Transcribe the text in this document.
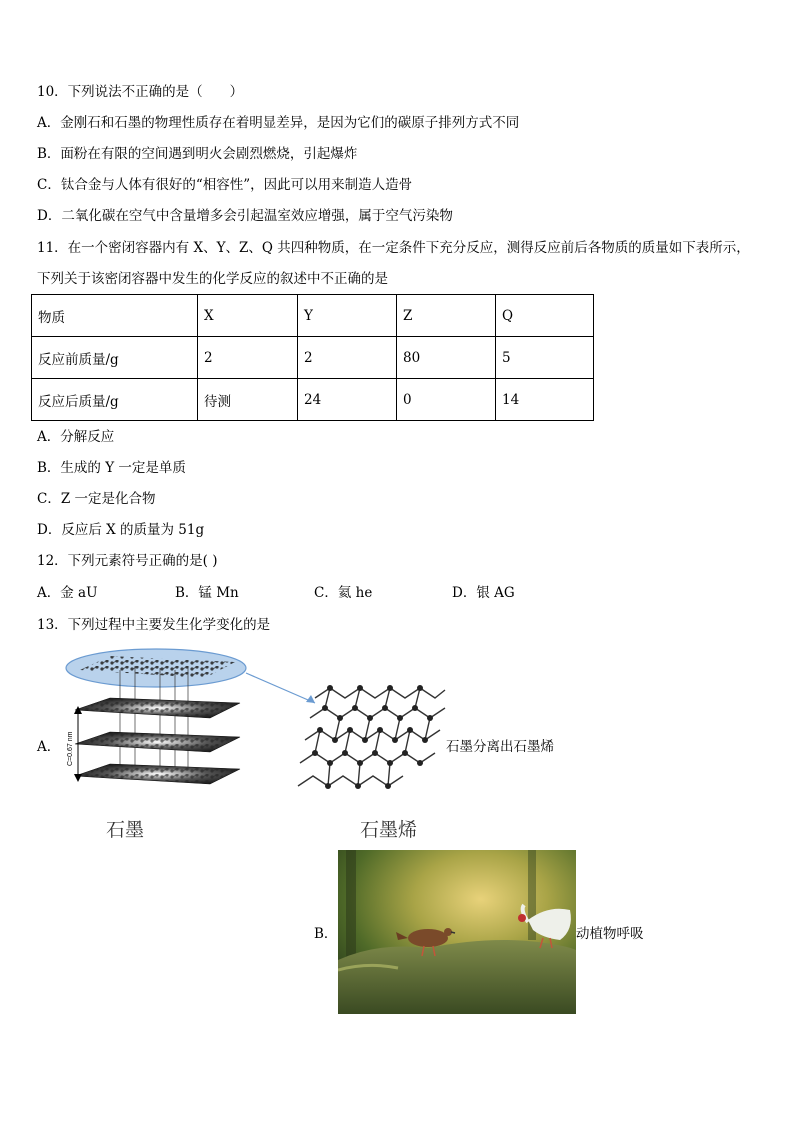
10．下列说法不正确的是（　　）
A．金刚石和石墨的物理性质存在着明显差异，是因为它们的碳原子排列方式不同
B．面粉在有限的空间遇到明火会剧烈燃烧，引起爆炸
C．钛合金与人体有很好的“相容性”，因此可以用来制造人造骨
D．二氧化碳在空气中含量增多会引起温室效应增强，属于空气污染物
11．在一个密闭容器内有 X、Y、Z、Q 共四种物质，在一定条件下充分反应，测得反应前后各物质的质量如下表所示，
下列关于该密闭容器中发生的化学反应的叙述中不正确的是
物质	X	Y	Z	Q
反应前质量/g	2	2	80	5
反应后质量/g	待测	24	0	14
A．分解反应
B．生成的 Y 一定是单质
C．Z 一定是化合物
D．反应后 X 的质量为 51g
12．下列元素符号正确的是( )
A．金 aU	B．锰 Mn	C．氦 he	D．银 AG
13．下列过程中主要发生化学变化的是
A． C=0.67 nm	石墨分离出石墨烯
石墨	石墨烯
B．	动植物呼吸
